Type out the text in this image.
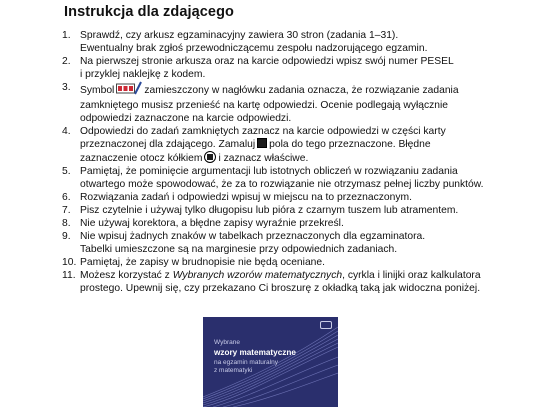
Instrukcja dla zdającego
1. Sprawdź, czy arkusz egzaminacyjny zawiera 30 stron (zadania 1–31).
Ewentualny brak zgłoś przewodniczącemu zespołu nadzorującego egzamin.
2. Na pierwszej stronie arkusza oraz na karcie odpowiedzi wpisz swój numer PESEL
i przyklej naklejkę z kodem.
3. Symbol	zamieszczony w nagłówku zadania oznacza, że rozwiązanie zadania
zamkniętego musisz przenieść na kartę odpowiedzi. Ocenie podlegają wyłącznie
odpowiedzi zaznaczone na karcie odpowiedzi.
4. Odpowiedzi do zadań zamkniętych zaznacz na karcie odpowiedzi w części karty
przeznaczonej dla zdającego. Zamaluj pola do tego przeznaczone. Błędne
zaznaczenie otocz kółkiem i zaznacz właściwe.
5. Pamiętaj, że pominięcie argumentacji lub istotnych obliczeń w rozwiązaniu zadania
otwartego może spowodować, że za to rozwiązanie nie otrzymasz pełnej liczby punktów.
6. Rozwiązania zadań i odpowiedzi wpisuj w miejscu na to przeznaczonym.
7. Pisz czytelnie i używaj tylko długopisu lub pióra z czarnym tuszem lub atramentem.
8. Nie używaj korektora, a błędne zapisy wyraźnie przekreśl.
9. Nie wpisuj żadnych znaków w tabelkach przeznaczonych dla egzaminatora.
Tabelki umieszczone są na marginesie przy odpowiednich zadaniach.
10. Pamiętaj, że zapisy w brudnopisie nie będą oceniane.
11. Możesz korzystać z Wybranych wzorów matematycznych, cyrkla i linijki oraz kalkulatora
prostego. Upewnij się, czy przekazano Ci broszurę z okładką taką jak widoczna poniżej.
Wybrane
wzory matematyczne
na egzamin maturalny
z matematyki
